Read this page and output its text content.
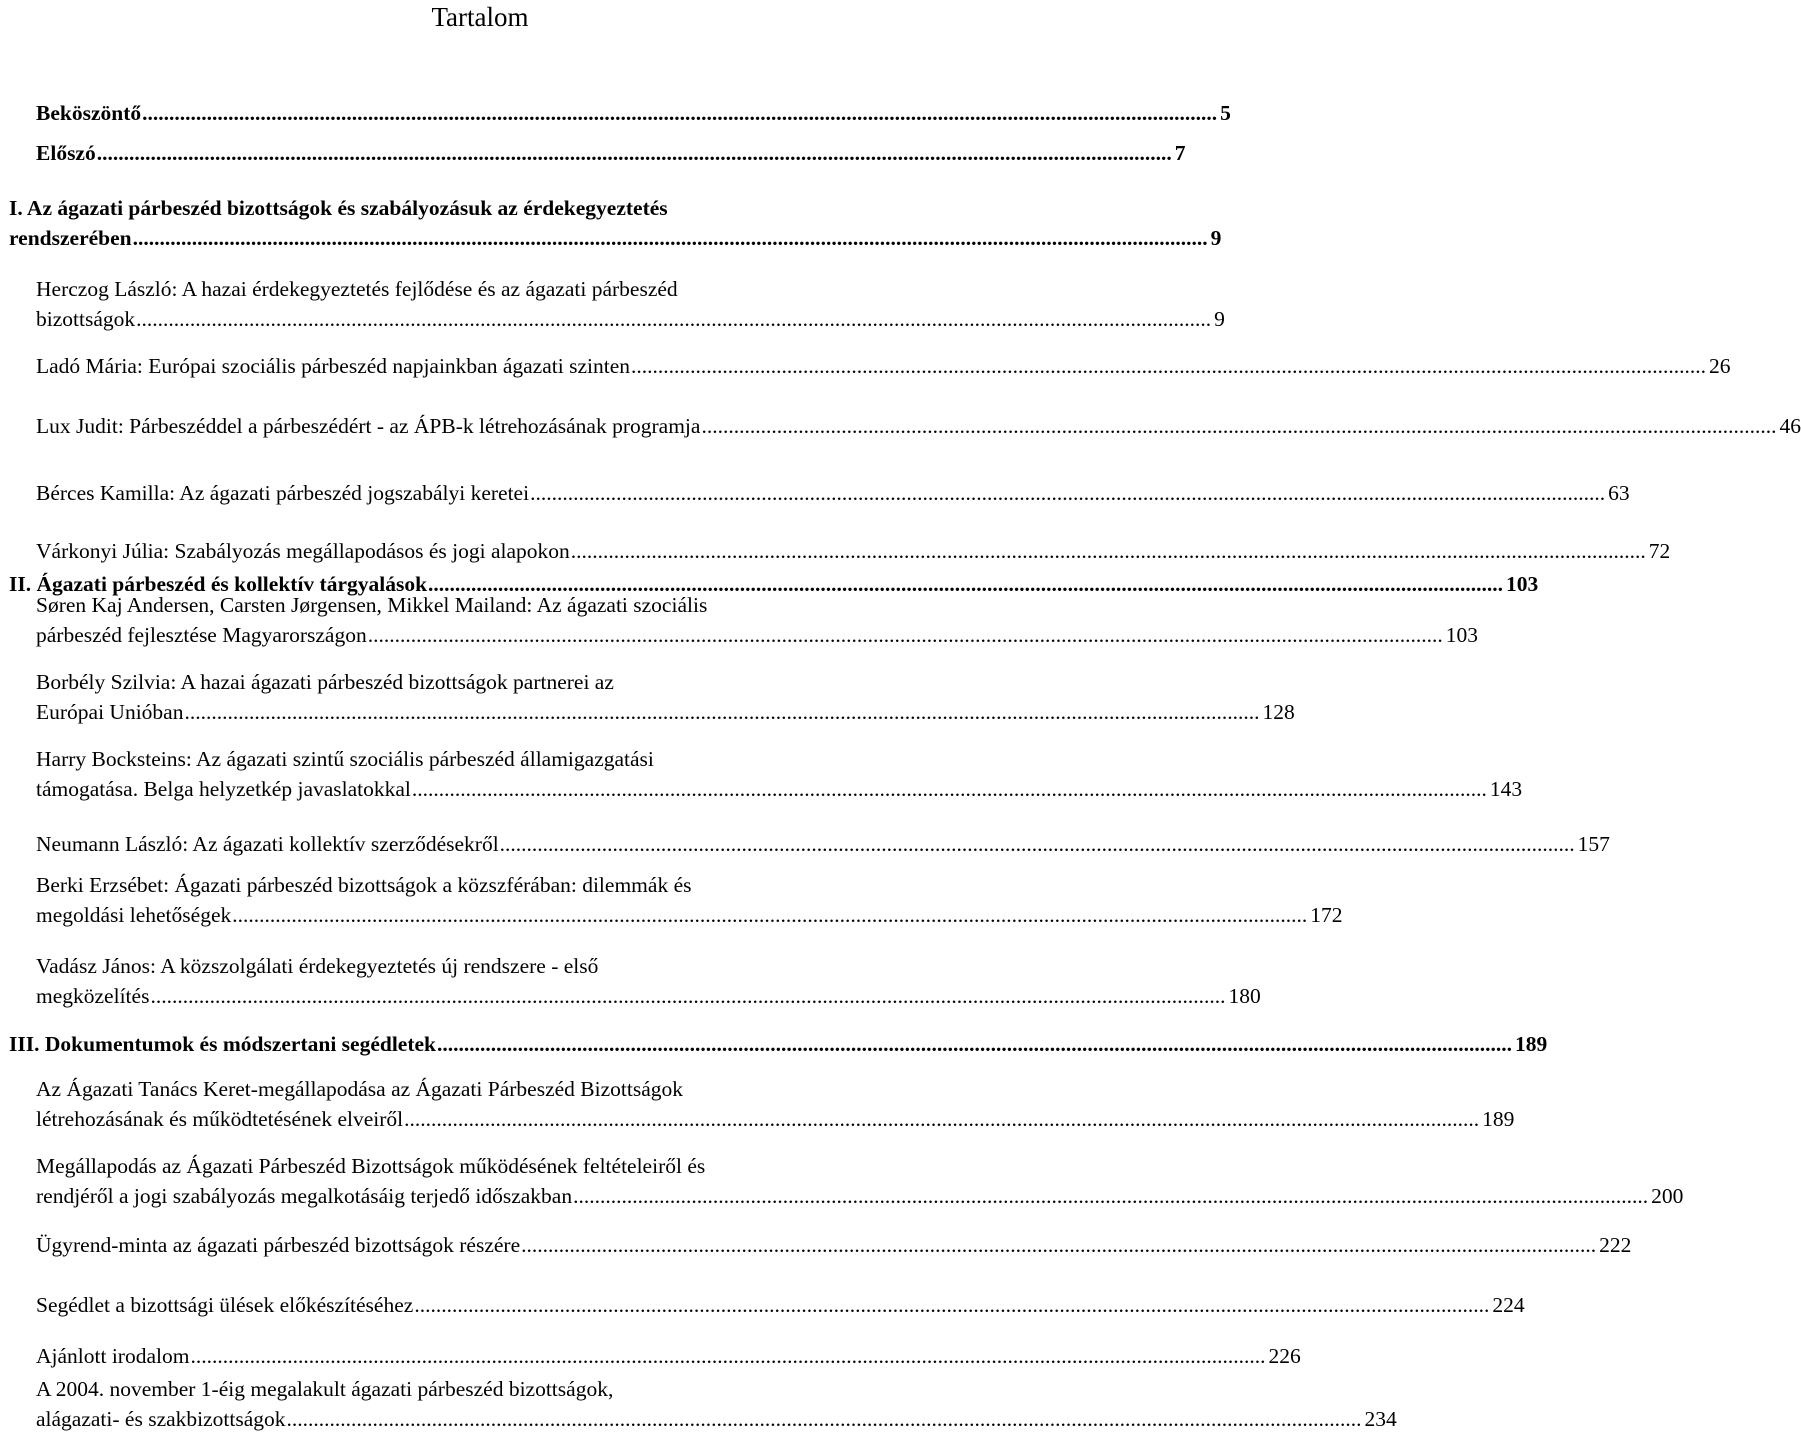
Tartalom
Beköszöntő ........................................................................................................................................................................................................ 5
Előszó ........................................................................................................................................................................................................ 7
I. Az ágazati párbeszéd bizottságok és szabályozásuk az érdekegyeztetés
rendszerében ........................................................................................................................................................................................................ 9
Herczog László: A hazai érdekegyeztetés fejlődése és az ágazati párbeszéd
bizottságok ........................................................................................................................................................................................................ 9
Ladó Mária: Európai szociális párbeszéd napjainkban ágazati szinten ........................................................................................................................................................................................................ 26
Lux Judit: Párbeszéddel a párbeszédért - az ÁPB-k létrehozásának programja ........................................................................................................................................................................................................ 46
Bérces Kamilla: Az ágazati párbeszéd jogszabályi keretei ........................................................................................................................................................................................................ 63
Várkonyi Júlia: Szabályozás megállapodásos és jogi alapokon ........................................................................................................................................................................................................ 72
II. Ágazati párbeszéd és kollektív tárgyalások ........................................................................................................................................................................................................ 103
Søren Kaj Andersen, Carsten Jørgensen, Mikkel Mailand: Az ágazati szociális
párbeszéd fejlesztése Magyarországon ........................................................................................................................................................................................................ 103
Borbély Szilvia: A hazai ágazati párbeszéd bizottságok partnerei az
Európai Unióban ........................................................................................................................................................................................................ 128
Harry Bocksteins: Az ágazati szintű szociális párbeszéd államigazgatási
támogatása. Belga helyzetkép javaslatokkal ........................................................................................................................................................................................................ 143
Neumann László: Az ágazati kollektív szerződésekről ........................................................................................................................................................................................................ 157
Berki Erzsébet: Ágazati párbeszéd bizottságok a közszférában: dilemmák és
megoldási lehetőségek ........................................................................................................................................................................................................ 172
Vadász János: A közszolgálati érdekegyeztetés új rendszere - első
megközelítés ........................................................................................................................................................................................................ 180
III. Dokumentumok és módszertani segédletek ........................................................................................................................................................................................................ 189
Az Ágazati Tanács Keret-megállapodása az Ágazati Párbeszéd Bizottságok
létrehozásának és működtetésének elveiről ........................................................................................................................................................................................................ 189
Megállapodás az Ágazati Párbeszéd Bizottságok működésének feltételeiről és
rendjéről a jogi szabályozás megalkotásáig terjedő időszakban ........................................................................................................................................................................................................ 200
Ügyrend-minta az ágazati párbeszéd bizottságok részére ........................................................................................................................................................................................................ 222
Segédlet a bizottsági ülések előkészítéséhez ........................................................................................................................................................................................................ 224
Ajánlott irodalom ........................................................................................................................................................................................................ 226
A 2004. november 1-éig megalakult ágazati párbeszéd bizottságok,
alágazati- és szakbizottságok ........................................................................................................................................................................................................ 234
